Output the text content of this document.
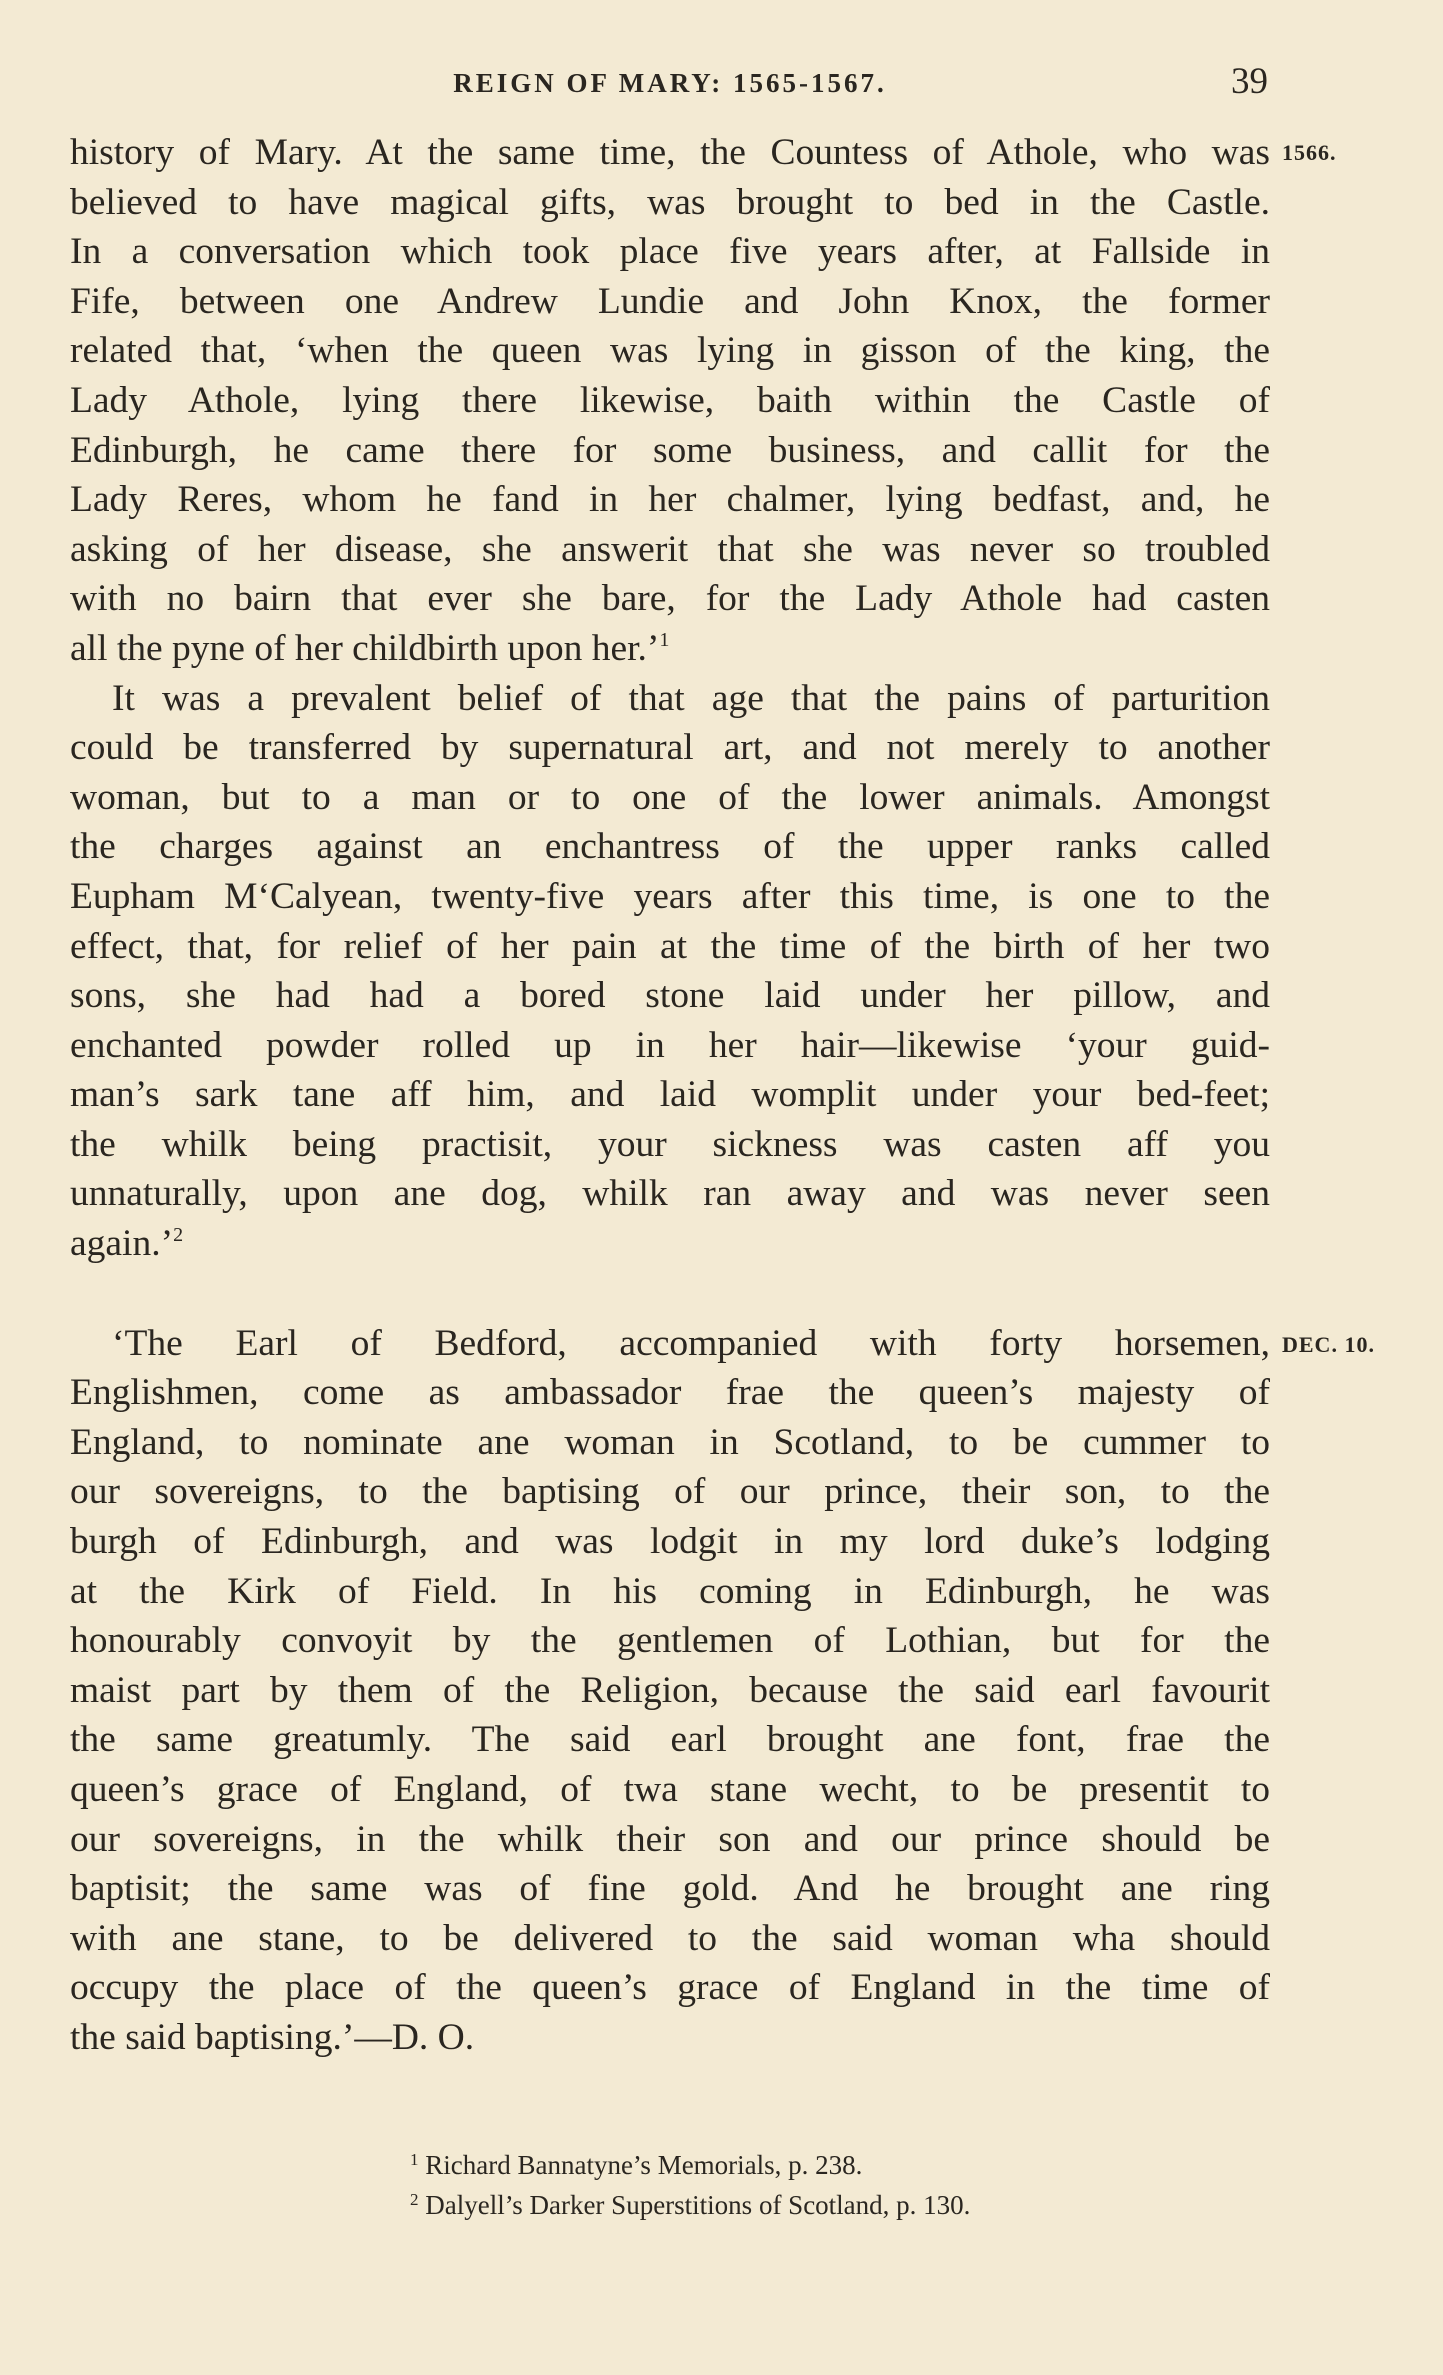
REIGN OF MARY: 1565-1567.	39
1566.
DEC. 10.
history of Mary. At the same time, the Countess of Athole, who was
believed to have magical gifts, was brought to bed in the Castle.
In a conversation which took place five years after, at Fallside in
Fife, between one Andrew Lundie and John Knox, the former
related that, ‘when the queen was lying in gisson of the king, the
Lady Athole, lying there likewise, baith within the Castle of
Edinburgh, he came there for some business, and callit for the
Lady Reres, whom he fand in her chalmer, lying bedfast, and, he
asking of her disease, she answerit that she was never so troubled
with no bairn that ever she bare, for the Lady Athole had casten
all the pyne of her childbirth upon her.’$^1$
It was a prevalent belief of that age that the pains of parturition
could be transferred by supernatural art, and not merely to another
woman, but to a man or to one of the lower animals. Amongst
the charges against an enchantress of the upper ranks called
Eupham M‘Calyean, twenty-five years after this time, is one to the
effect, that, for relief of her pain at the time of the birth of her two
sons, she had had a bored stone laid under her pillow, and
enchanted powder rolled up in her hair—likewise ‘your guid-
man’s sark tane aff him, and laid womplit under your bed-feet;
the whilk being practisit, your sickness was casten aff you
unnaturally, upon ane dog, whilk ran away and was never seen
again.’$^2$
‘The Earl of Bedford, accompanied with forty horsemen,
Englishmen, come as ambassador frae the queen’s majesty of
England, to nominate ane woman in Scotland, to be cummer to
our sovereigns, to the baptising of our prince, their son, to the
burgh of Edinburgh, and was lodgit in my lord duke’s lodging
at the Kirk of Field. In his coming in Edinburgh, he was
honourably convoyit by the gentlemen of Lothian, but for the
maist part by them of the Religion, because the said earl favourit
the same greatumly. The said earl brought ane font, frae the
queen’s grace of England, of twa stane wecht, to be presentit to
our sovereigns, in the whilk their son and our prince should be
baptisit; the same was of fine gold. And he brought ane ring
with ane stane, to be delivered to the said woman wha should
occupy the place of the queen’s grace of England in the time of
the said baptising.’—D. O.
$^1$ Richard Bannatyne’s Memorials, p. 238.
$^2$ Dalyell’s Darker Superstitions of Scotland, p. 130.
